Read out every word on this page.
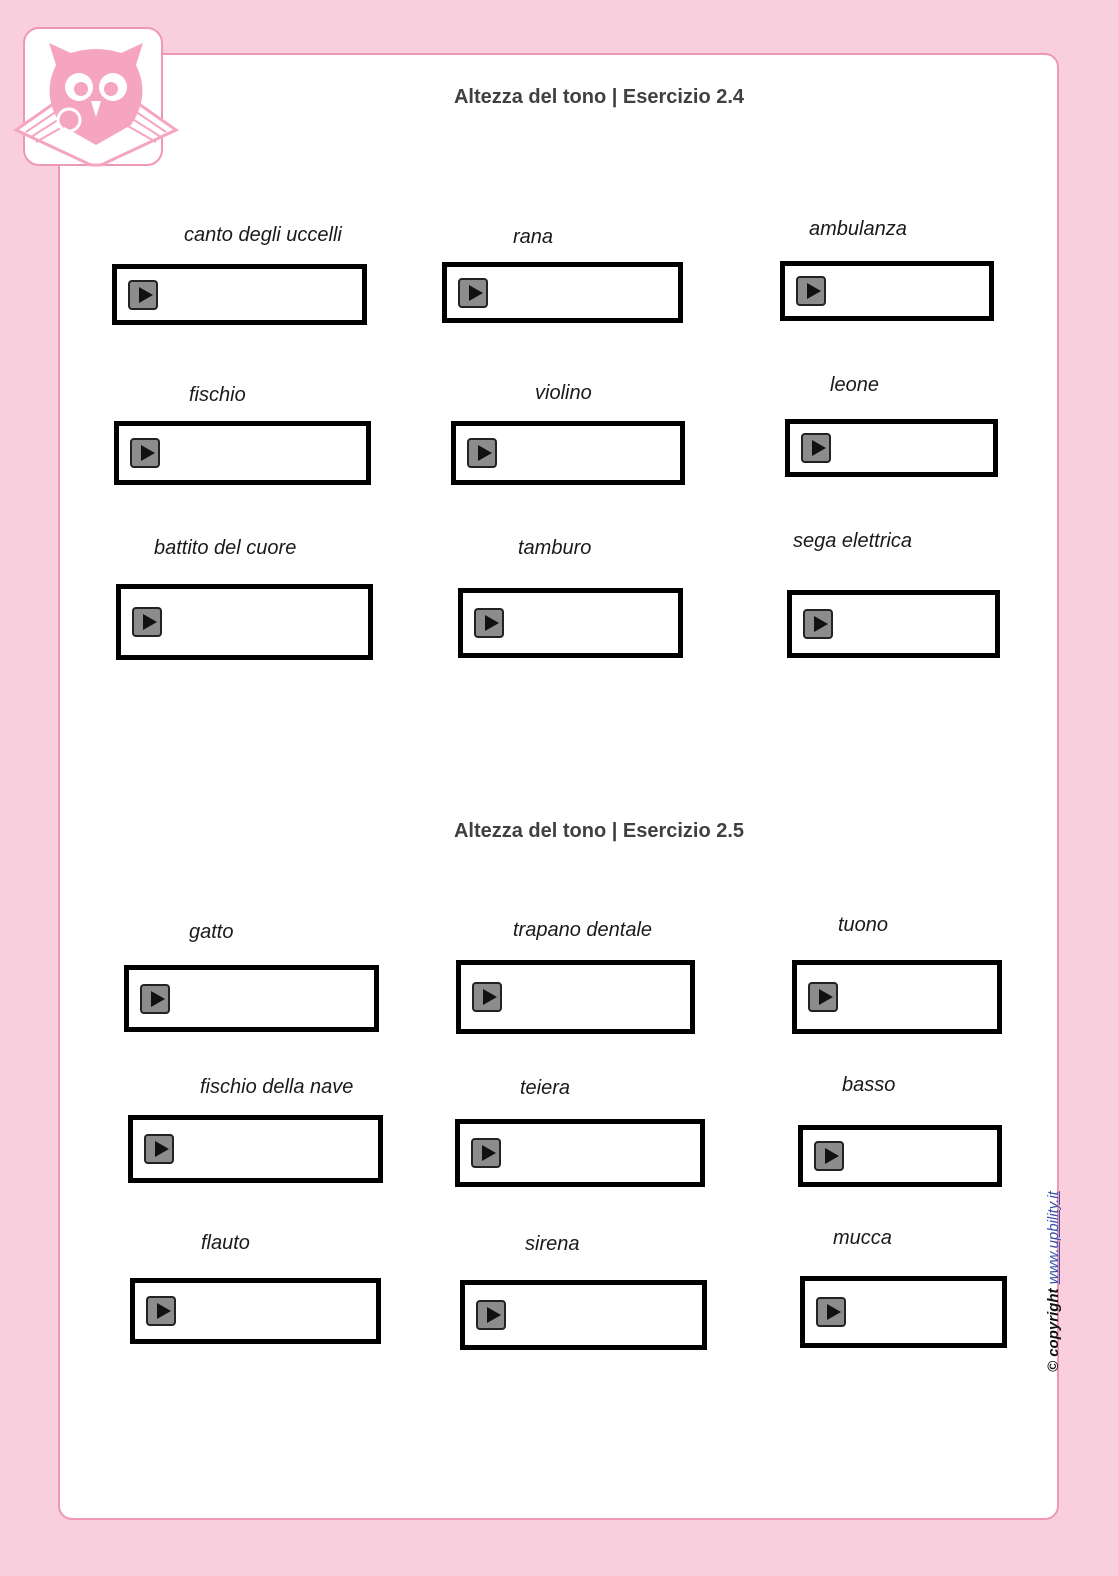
Altezza del tono | Esercizio 2.4
canto degli uccelli	rana	ambulanza
fischio	violino	leone
battito del cuore	tamburo	sega elettrica
Altezza del tono | Esercizio 2.5
gatto	trapano dentale	tuono
fischio della nave	teiera	basso
flauto	sirena	mucca
© copyright www.upbility.it
